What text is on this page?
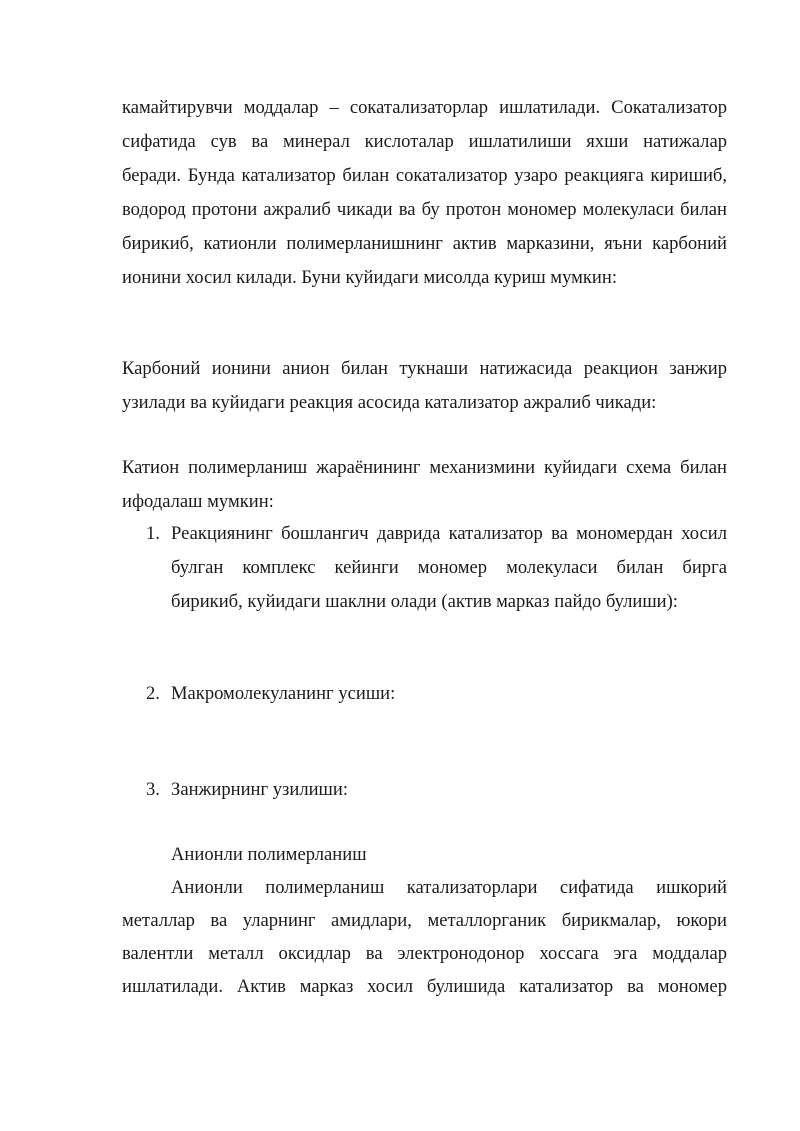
камайтирувчи моддалар – сокатализаторлар ишлатилади. Сокатализатор
сифатида сув ва минерал кислоталар ишлатилиши яхши натижалар
беради. Бунда катализатор билан сокатализатор узаро реакцияга киришиб,
водород протони ажралиб чикади ва бу протон мономер молекуласи билан
бирикиб, катионли полимерланишнинг актив марказини, яъни карбоний
ионини хосил килади. Буни куйидаги мисолда куриш мумкин:
Карбоний ионини анион билан тукнаши натижасида реакцион занжир
узилади ва куйидаги реакция асосида катализатор ажралиб чикади:
Катион полимерланиш жараёнининг механизмини куйидаги схема билан
ифодалаш мумкин:
1. Реакциянинг бошлангич даврида катализатор ва мономердан хосил
булган комплекс кейинги мономер молекуласи билан бирга
бирикиб, куйидаги шаклни олади (актив марказ пайдо булиши):
2. Макромолекуланинг усиши:
3. Занжирнинг узилиши:
Анионли полимерланиш
Анионли полимерланиш катализаторлари сифатида ишкорий
металлар ва уларнинг амидлари, металлорганик бирикмалар, юкори
валентли металл оксидлар ва электронодонор хоссага эга моддалар
ишлатилади. Актив марказ хосил булишида катализатор ва мономер
